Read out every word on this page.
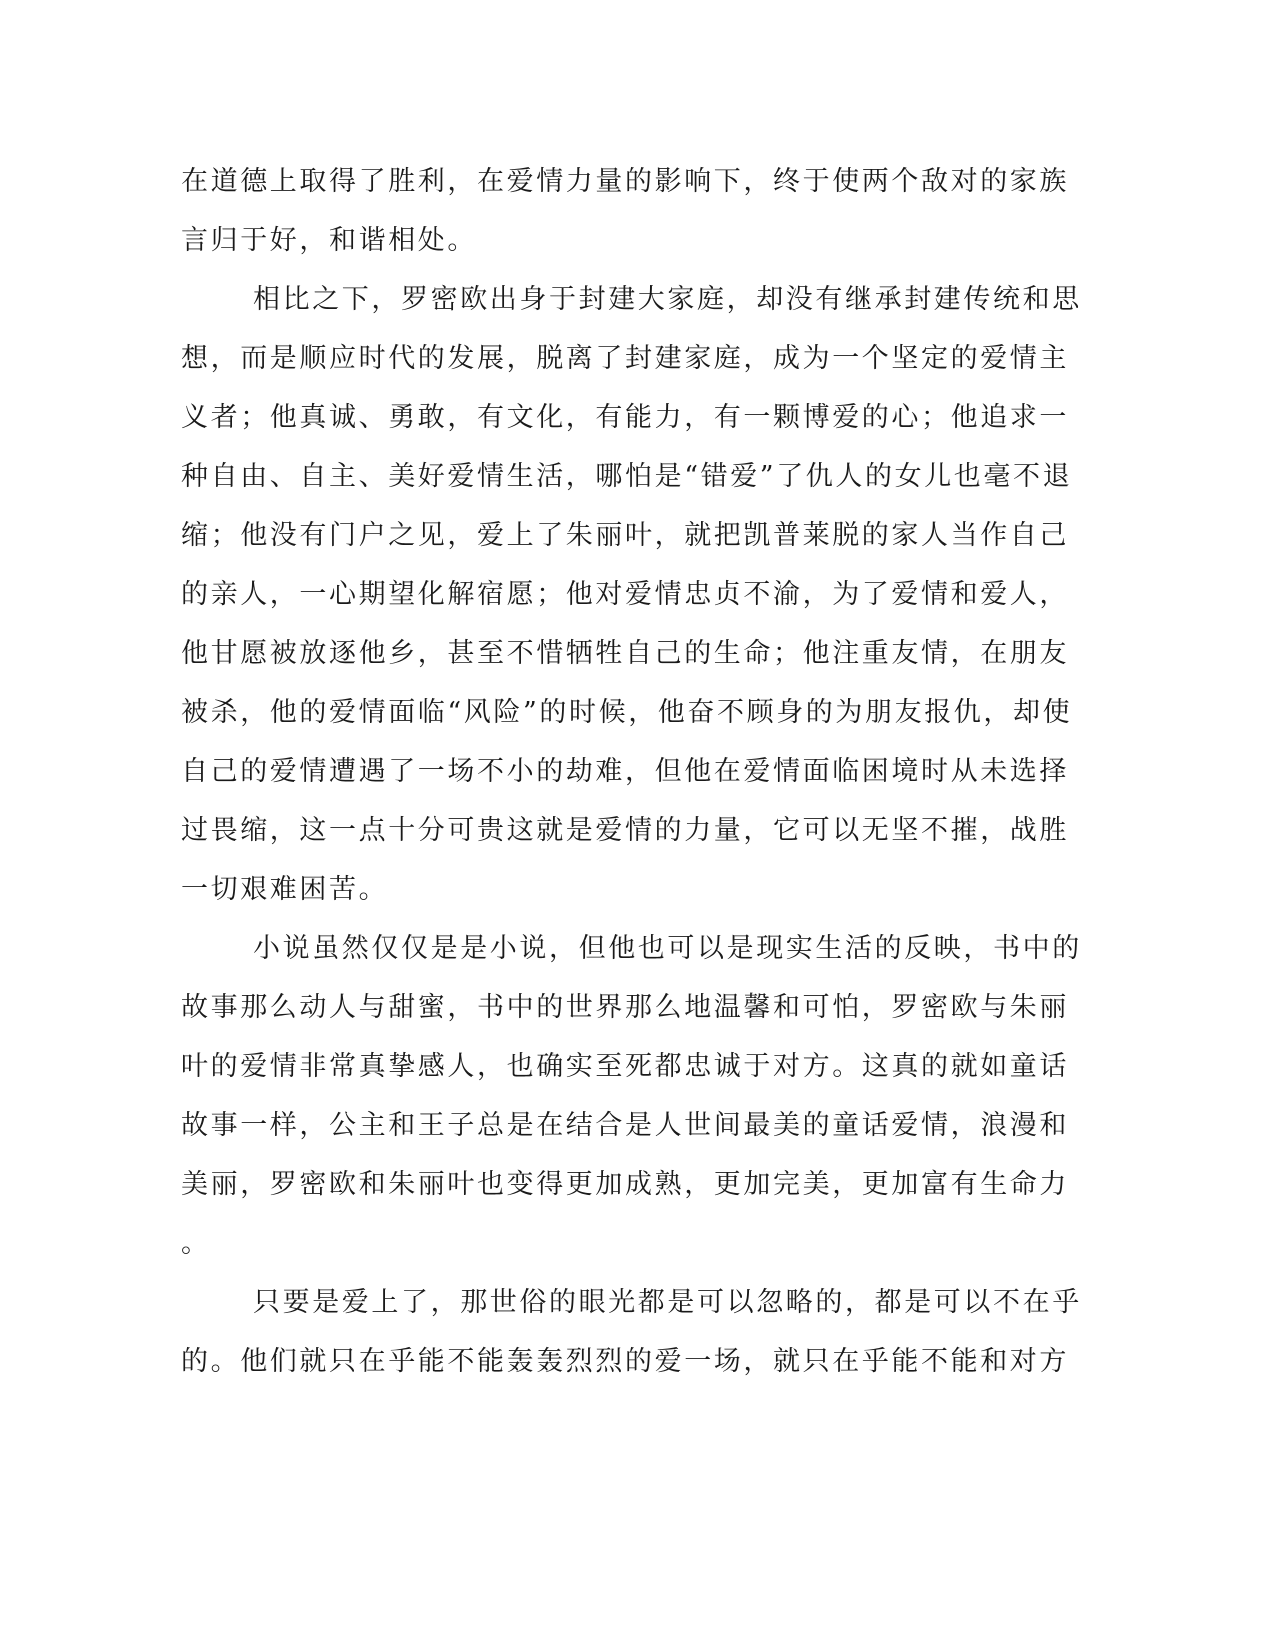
在道德上取得了胜利，在爱情力量的影响下，终于使两个敌对的家族
言归于好，和谐相处。
相比之下，罗密欧出身于封建大家庭，却没有继承封建传统和思
想，而是顺应时代的发展，脱离了封建家庭，成为一个坚定的爱情主
义者；他真诚、勇敢，有文化，有能力，有一颗博爱的心；他追求一
种自由、自主、美好爱情生活，哪怕是“错爱”了仇人的女儿也毫不退
缩；他没有门户之见，爱上了朱丽叶，就把凯普莱脱的家人当作自己
的亲人，一心期望化解宿愿；他对爱情忠贞不渝，为了爱情和爱人，
他甘愿被放逐他乡，甚至不惜牺牲自己的生命；他注重友情，在朋友
被杀，他的爱情面临“风险”的时候，他奋不顾身的为朋友报仇，却使
自己的爱情遭遇了一场不小的劫难，但他在爱情面临困境时从未选择
过畏缩，这一点十分可贵这就是爱情的力量，它可以无坚不摧，战胜
一切艰难困苦。
小说虽然仅仅是是小说，但他也可以是现实生活的反映，书中的
故事那么动人与甜蜜，书中的世界那么地温馨和可怕，罗密欧与朱丽
叶的爱情非常真挚感人，也确实至死都忠诚于对方。这真的就如童话
故事一样，公主和王子总是在结合是人世间最美的童话爱情，浪漫和
美丽，罗密欧和朱丽叶也变得更加成熟，更加完美，更加富有生命力
。
只要是爱上了，那世俗的眼光都是可以忽略的，都是可以不在乎
的。他们就只在乎能不能轰轰烈烈的爱一场，就只在乎能不能和对方
